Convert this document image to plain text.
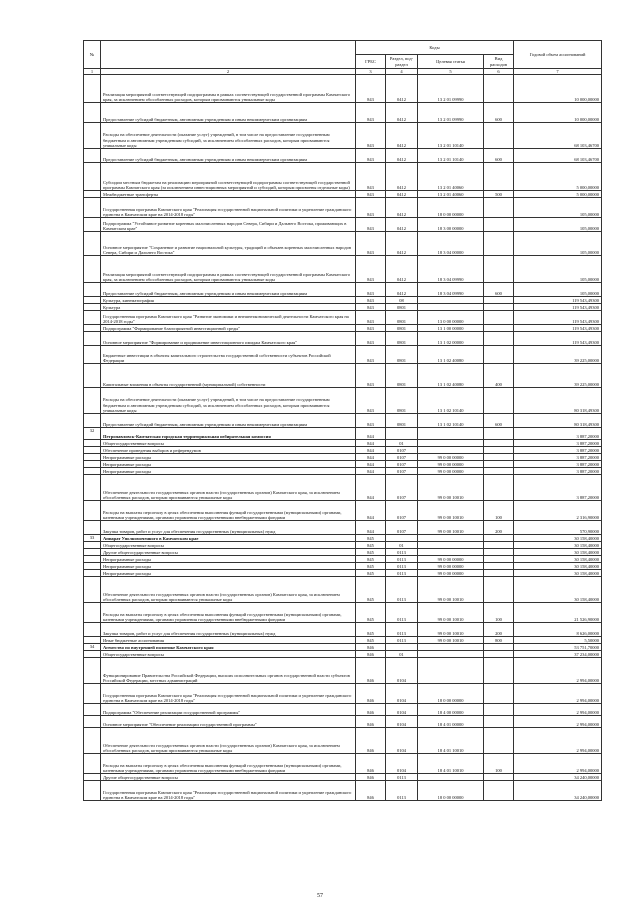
№		Коды				Годовой объем ассигнований
		ГРБС	Раздел, под-раздел	Целевая статья	Вид расходов	
1	2	3	4	5	6	7
	Реализация мероприятий соответствующей подпрограммы в рамках соответствующей государственной программы Камчатского края, за исключением обособленных расходов, которым присваиваются уникальные коды	843	0412	13 2 01 09990		10 000,00000
	Предоставление субсидий бюджетным, автономным учреждениям и иным некоммерческим организациям	843	0412	13 2 01 09990	600	10 000,00000
	Расходы на обеспечение деятельности (оказание услуг) учреждений, в том числе на предоставление государственным бюджетным и автономным учреждениям субсидий, за исключением обособленных расходов, которым присваиваются уникальные коды	843	0412	13 2 01 10140		68 103,46700
	Предоставление субсидий бюджетным, автономным учреждениям и иным некоммерческим организациям	843	0412	13 2 01 10140	600	68 103,46700
	Субсидии местным бюджетам на реализацию мероприятий соответствующей подпрограммы соответствующей государственной программы Камчатского края (за исключением инвестиционных мероприятий и субсидий, которым присвоены отдельные коды)	843	0412	13 2 01 40060		5 000,00000
	Межбюджетные трансферты	843	0412	13 2 01 40060	500	5 000,00000
	Государственная программа Камчатского края "Реализация государственной национальной политики и укрепление гражданского единства в Камчатском крае на 2014-2018 годы"	843	0412	18 0 00 00000		105,00000
	Подпрограмма "Устойчивое развитие коренных малочисленных народов Севера, Сибири и Дальнего Востока, проживающих в Камчатском крае"	843	0412	18 3 00 00000		105,00000
	Основное мероприятие "Сохранение и развитие национальной культуры, традиций и обычаев коренных малочисленных народов Севера, Сибири и Дальнего Востока"	843	0412	18 3 04 00000		105,00000
	Реализация мероприятий соответствующей подпрограммы в рамках соответствующей государственной программы Камчатского края, за исключением обособленных расходов, которым присваиваются уникальные коды	843	0412	18 3 04 09990		105,00000
	Предоставление субсидий бюджетным, автономным учреждениям и иным некоммерческим организациям	843	0412	18 3 04 09990	600	105,00000
	Культура, кинематография	843	08			119 543,49300
	Культура	843	0801			119 543,49300
	Государственная программа Камчатского края "Развитие экономики и внешнеэкономической деятельности Камчатского края на 2014-2018 годы"	843	0801	13 0 00 00000		119 543,49300
	Подпрограмма "Формирование благоприятной инвестиционной среды"	843	0801	13 1 00 00000		119 543,49300
	Основное мероприятие "Формирование и продвижение инвестиционного имиджа Камчатского края"	843	0801	13 1 02 00000		119 543,49300
	Бюджетные инвестиции в объекты капитального строительства государственной собственности субъектов Российской Федерации	843	0801	13 1 02 40080		39 225,00000
	Капитальные вложения в объекты государственной (муниципальной) собственности	843	0801	13 1 02 40080	400	39 225,00000
	Расходы на обеспечение деятельности (оказание услуг) учреждений, в том числе на предоставление государственным бюджетным и автономным учреждениям субсидий, за исключением обособленных расходов, которым присваиваются уникальные коды	843	0801	13 1 02 10140		80 318,49300
	Предоставление субсидий бюджетным, автономным учреждениям и иным некоммерческим организациям	843	0801	13 1 02 10140	600	80 318,49300
32	Петропавловск-Камчатская городская территориальная избирательная комиссия	844				3 887,20000
	Общегосударственные вопросы	844	01			3 887,20000
	Обеспечение проведения выборов и референдумов	844	0107			3 887,20000
	Непрограммные расходы	844	0107	99 0 00 00000		3 887,20000
	Непрограммные расходы	844	0107	99 0 00 00000		3 887,20000
	Непрограммные расходы	844	0107	99 0 00 00000		3 887,20000
	Обеспечение деятельности государственных органов власти (государственных органов) Камчатского края, за исключением обособленных расходов, которым присваиваются уникальные коды	844	0107	99 0 00 10010		3 887,20000
	Расходы на выплаты персоналу в целях обеспечения выполнения функций государственными (муниципальными) органами, казенными учреждениями, органами управления государственными внебюджетными фондами	844	0107	99 0 00 10010	100	2 316,90000
	Закупка товаров, работ и услуг для обеспечения государственных (муниципальных) нужд	844	0107	99 0 00 10010	200	570,90000
33	Аппарат Уполномоченного в Камчатском крае	845				30 158,40000
	Общегосударственные вопросы	845	01			30 158,40000
	Другие общегосударственные вопросы	845	0113			30 158,40000
	Непрограммные расходы	845	0113	99 0 00 00000		30 158,40000
	Непрограммные расходы	845	0113	99 0 00 00000		30 158,40000
	Непрограммные расходы	845	0113	99 0 00 00000		30 158,40000
	Обеспечение деятельности государственных органов власти (государственных органов) Камчатского края, за исключением обособленных расходов, которым присваиваются уникальные коды	845	0113	99 0 00 10010		30 158,40000
	Расходы на выплаты персоналу в целях обеспечения выполнения функций государственными (муниципальными) органами, казенными учреждениями, органами управления государственными внебюджетными фондами	845	0113	99 0 00 10010	100	21 526,90000
	Закупка товаров, работ и услуг для обеспечения государственных (муниципальных) нужд	845	0113	99 0 00 10010	200	8 626,00000
	Иные бюджетные ассигнования	845	0113	99 0 00 10010	800	5,50000
34	Агентство по внутренней политике Камчатского края	846				53 751,70000
	Общегосударственные вопросы	846	01			37 234,00000
	Функционирование Правительства Российской Федерации, высших исполнительных органов государственной власти субъектов Российской Федерации, местных администраций	846	0104			2 994,00000
	Государственная программа Камчатского края "Реализация государственной национальной политики и укрепление гражданского единства в Камчатском крае на 2014-2018 годы"	846	0104	18 0 00 00000		2 994,00000
	Подпрограмма "Обеспечение реализации государственной программы"	846	0104	18 4 00 00000		2 994,00000
	Основное мероприятие "Обеспечение реализации государственной программы"	846	0104	18 4 01 00000		2 994,00000
	Обеспечение деятельности государственных органов власти (государственных органов) Камчатского края, за исключением обособленных расходов, которым присваиваются уникальные коды	846	0104	18 4 01 10010		2 994,00000
	Расходы на выплаты персоналу в целях обеспечения выполнения функций государственными (муниципальными) органами, казенными учреждениями, органами управления государственными внебюджетными фондами	846	0104	18 4 01 10010	100	2 994,00000
	Другие общегосударственные вопросы	846	0113			34 240,00000
	Государственная программа Камчатского края "Реализация государственной национальной политики и укрепление гражданского единства в Камчатском крае на 2014-2018 годы"	846	0113	18 0 00 00000		34 240,00000
57
